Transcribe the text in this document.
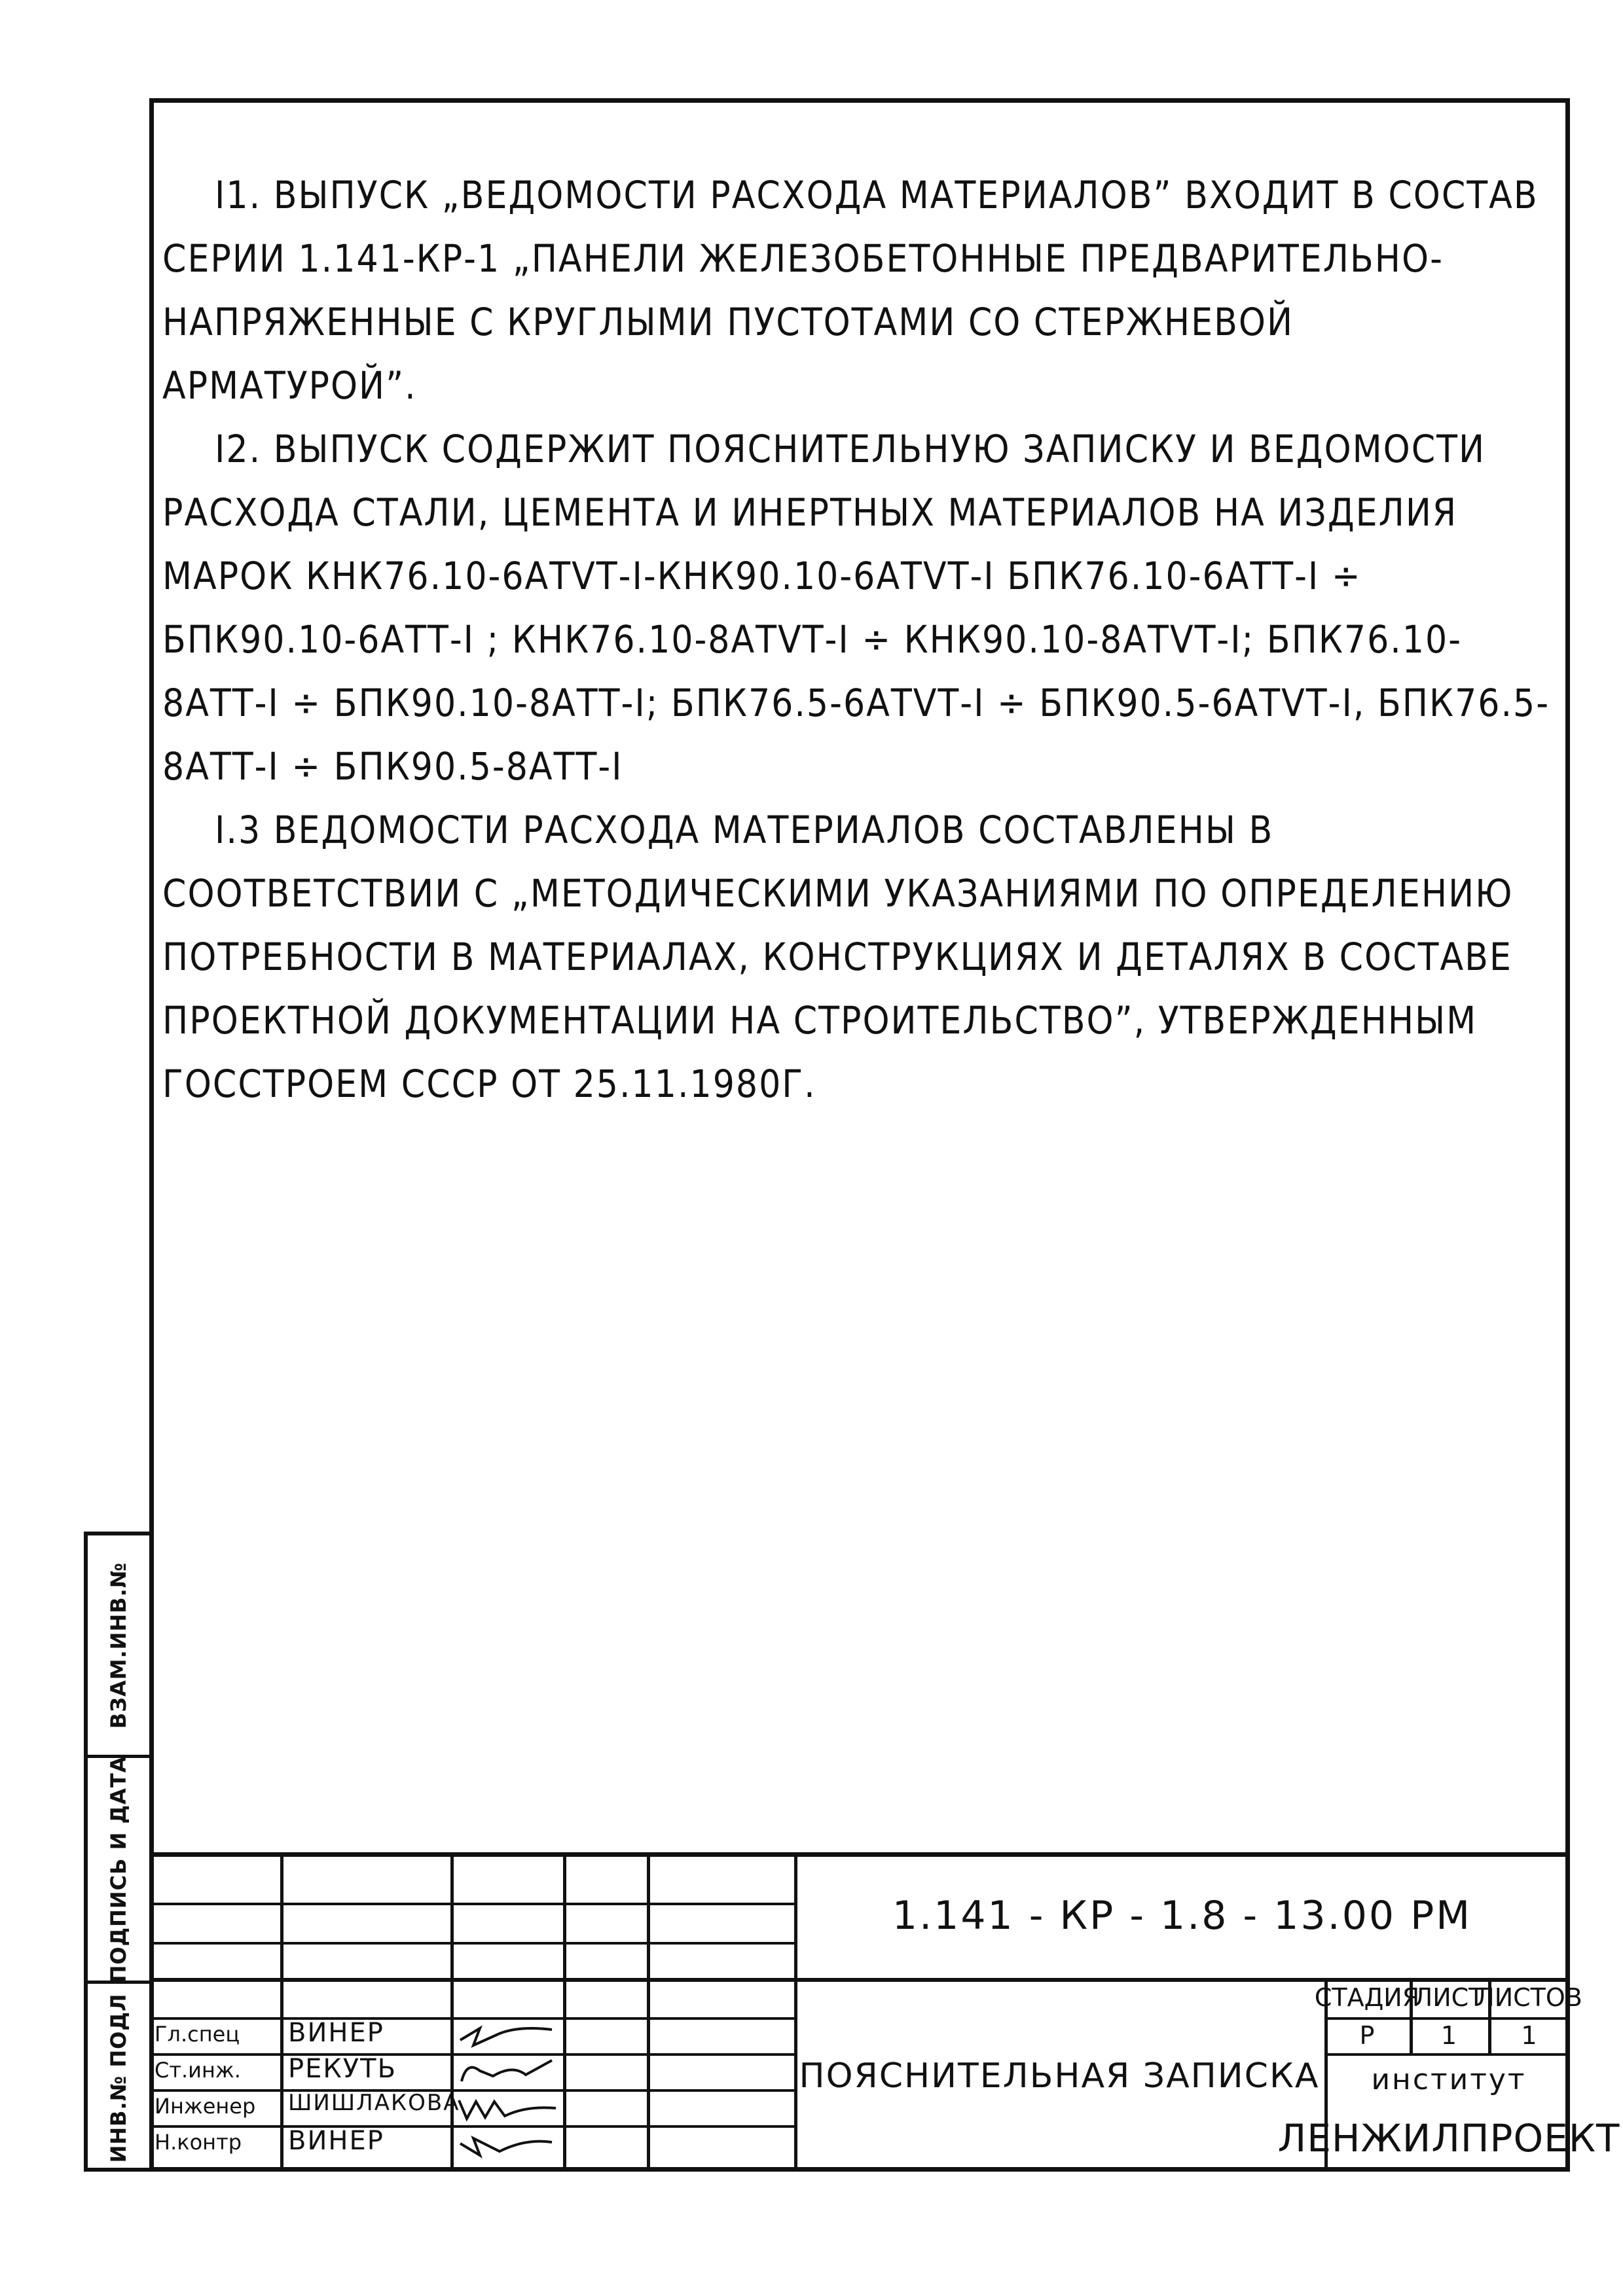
I1. ВЫПУСК „ВЕДОМОСТИ РАСХОДА МАТЕРИАЛОВ” ВХОДИТ В СОСТАВ СЕРИИ 1.141-КР-1 „ПАНЕЛИ ЖЕЛЕЗОБЕТОННЫЕ ПРЕДВАРИТЕЛЬНО-НАПРЯЖЕННЫЕ С КРУГЛЫМИ ПУСТОТАМИ СО СТЕРЖНЕВОЙ АРМАТУРОЙ”.

I2. ВЫПУСК СОДЕРЖИТ ПОЯСНИТЕЛЬНУЮ ЗАПИСКУ И ВЕДОМОСТИ РАСХОДА СТАЛИ, ЦЕМЕНТА И ИНЕРТНЫХ МАТЕРИАЛОВ НА ИЗДЕЛИЯ МАРОК КНК76.10-6АТVТ-I-КНК90.10-6АТVТ-I БПК76.10-6АТТ-I ÷ БПК90.10-6АТТ-I ; КНК76.10-8АТVТ-I ÷ КНК90.10-8АТVТ-I; БПК76.10-8АТТ-I ÷ БПК90.10-8АТТ-I; БПК76.5-6АТVТ-I ÷ БПК90.5-6АТVТ-I, БПК76.5-8АТТ-I ÷ БПК90.5-8АТТ-I

I.3 ВЕДОМОСТИ РАСХОДА МАТЕРИАЛОВ СОСТАВЛЕНЫ В СООТВЕТСТВИИ С „МЕТОДИЧЕСКИМИ УКАЗАНИЯМИ ПО ОПРЕДЕЛЕНИЮ ПОТРЕБНОСТИ В МАТЕРИАЛАХ, КОНСТРУКЦИЯХ И ДЕТАЛЯХ В СОСТАВЕ ПРОЕКТНОЙ ДОКУМЕНТАЦИИ НА СТРОИТЕЛЬСТВО”, УТВЕРЖДЕННЫМ ГОССТРОЕМ СССР ОТ 25.11.1980Г.

ВЗАМ.ИНВ.№
ПОДПИСЬ И ДАТА
ИНВ.№ ПОДЛ
1.141 - КР - 1.8 - 13.00 РМ
ПОЯСНИТЕЛЬНАЯ ЗАПИСКА
СТАДИЯ
ЛИСТ
ЛИСТОВ
Р	1	1
институт
ЛЕНЖИЛПРОЕКТ
Гл.спец ВИНЕР
Ст.инж. РЕКУТЬ
Инженер ШИШЛАКОВА
Н.контр ВИНЕР
